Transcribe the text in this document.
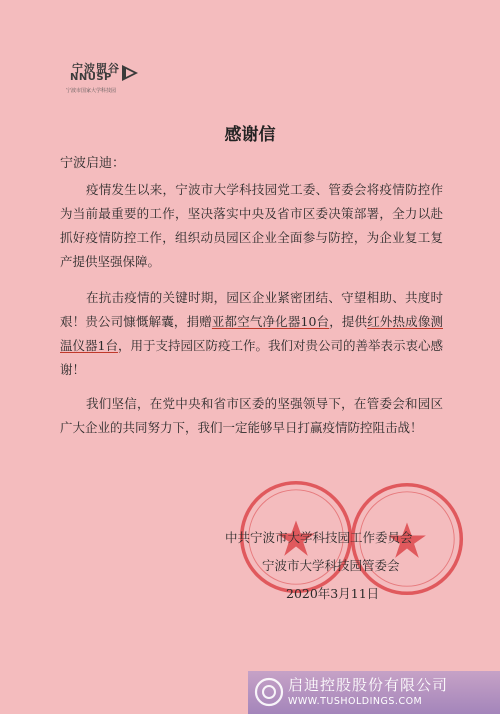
宁波盟谷
NNUSP
宁波市国家大学科技园
感谢信
宁波启迪：
疫情发生以来，宁波市大学科技园党工委、管委会将疫情防控作为当前最重要的工作，坚决落实中央及省市区委决策部署，全力以赴抓好疫情防控工作，组织动员园区企业全面参与防控，为企业复工复产提供坚强保障。
在抗击疫情的关键时期，园区企业紧密团结、守望相助、共度时艰！贵公司慷慨解囊，捐赠亚都空气净化器10台，提供红外热成像测温仪器1台，用于支持园区防疫工作。我们对贵公司的善举表示衷心感谢！
我们坚信，在党中央和省市区委的坚强领导下，在管委会和园区广大企业的共同努力下，我们一定能够早日打赢疫情防控阻击战！
中共宁波市大学科技园工作委员会
宁波市大学科技园管委会
2020年3月11日
启迪控股股份有限公司
WWW.TUSHOLDINGS.COM
